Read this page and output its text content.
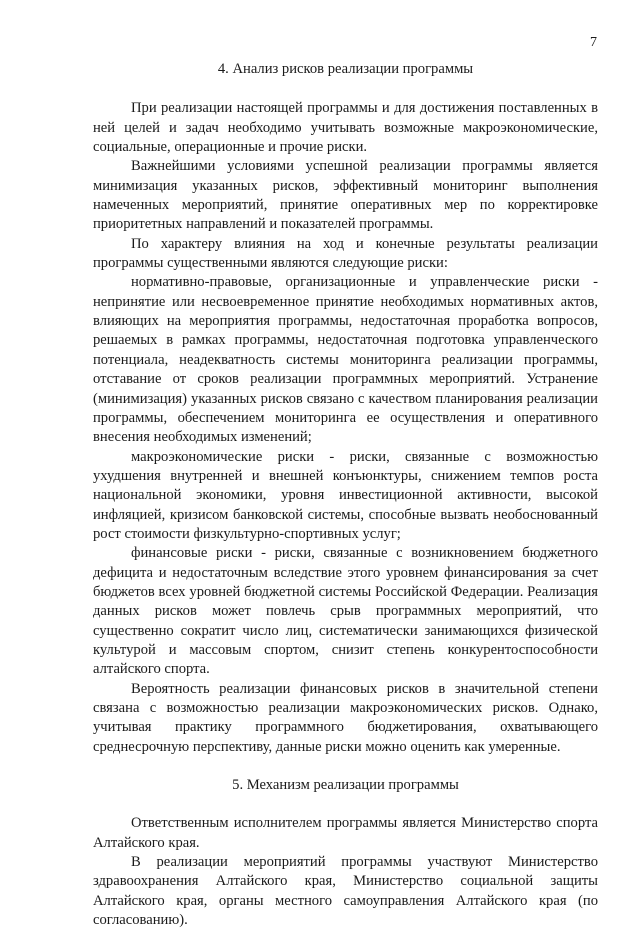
7
4. Анализ рисков реализации программы

При реализации настоящей программы и для достижения поставленных в ней целей и задач необходимо учитывать возможные макроэкономические, социальные, операционные и прочие риски.

Важнейшими условиями успешной реализации программы является минимизация указанных рисков, эффективный мониторинг выполнения намеченных мероприятий, принятие оперативных мер по корректировке приоритетных направлений и показателей программы.

По характеру влияния на ход и конечные результаты реализации программы существенными являются следующие риски:

нормативно-правовые, организационные и управленческие риски - непринятие или несвоевременное принятие необходимых нормативных актов, влияющих на мероприятия программы, недостаточная проработка вопросов, решаемых в рамках программы, недостаточная подготовка управленческого потенциала, неадекватность системы мониторинга реализации программы, отставание от сроков реализации программных мероприятий. Устранение (минимизация) указанных рисков связано с качеством планирования реализации программы, обеспечением мониторинга ее осуществления и оперативного внесения необходимых изменений;

макроэкономические риски - риски, связанные с возможностью ухудшения внутренней и внешней конъюнктуры, снижением темпов роста национальной экономики, уровня инвестиционной активности, высокой инфляцией, кризисом банковской системы, способные вызвать необоснованный рост стоимости физкультурно-спортивных услуг;

финансовые риски - риски, связанные с возникновением бюджетного дефицита и недостаточным вследствие этого уровнем финансирования за счет бюджетов всех уровней бюджетной системы Российской Федерации. Реализация данных рисков может повлечь срыв программных мероприятий, что существенно сократит число лиц, систематически занимающихся физической культурой и массовым спортом, снизит степень конкурентоспособности алтайского спорта.

Вероятность реализации финансовых рисков в значительной степени связана с возможностью реализации макроэкономических рисков. Однако, учитывая практику программного бюджетирования, охватывающего среднесрочную перспективу, данные риски можно оценить как умеренные.

5. Механизм реализации программы

Ответственным исполнителем программы является Министерство спорта Алтайского края.

В реализации мероприятий программы участвуют Министерство здравоохранения Алтайского края, Министерство социальной защиты Алтайского края, органы местного самоуправления Алтайского края (по согласованию).
